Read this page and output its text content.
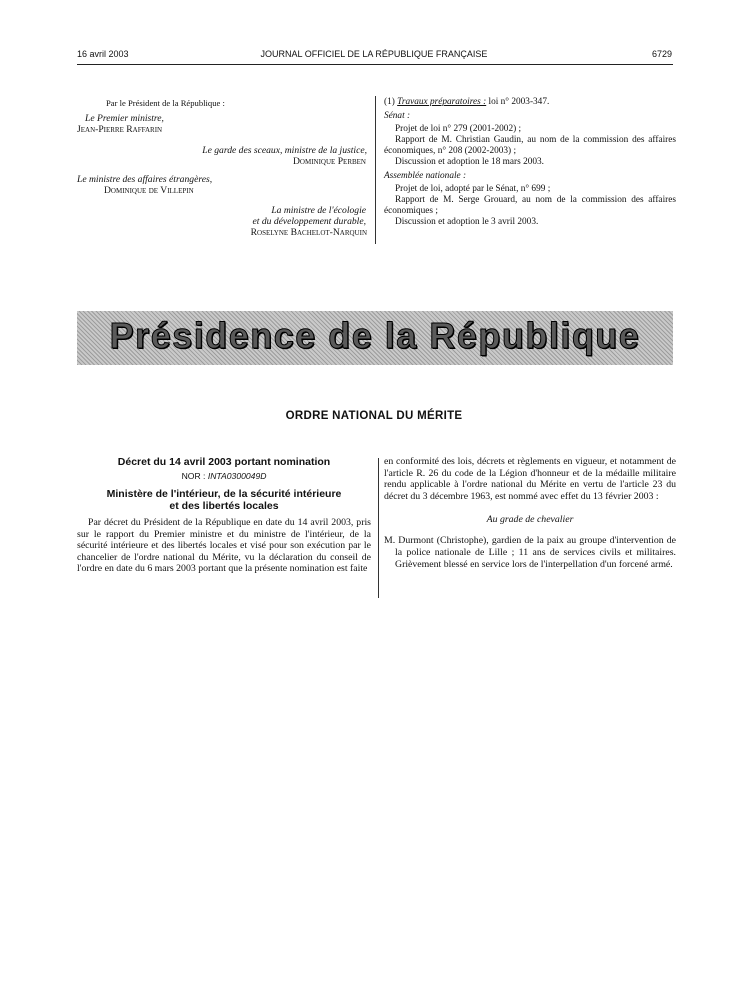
16 avril 2003	JOURNAL OFFICIEL DE LA RÉPUBLIQUE FRANÇAISE	6729
Par le Président de la République :
Le Premier ministre,
Jean-Pierre Raffarin
Le garde des sceaux, ministre de la justice,
Dominique Perben
Le ministre des affaires étrangères,
Dominique de Villepin
La ministre de l'écologie
et du développement durable,
Roselyne Bachelot-Narquin
(1) Travaux préparatoires : loi n° 2003-347.
Sénat :
Projet de loi n° 279 (2001-2002) ;
Rapport de M. Christian Gaudin, au nom de la commission des affaires économiques, n° 208 (2002-2003) ;
Discussion et adoption le 18 mars 2003.
Assemblée nationale :
Projet de loi, adopté par le Sénat, n° 699 ;
Rapport de M. Serge Grouard, au nom de la commission des affaires économiques ;
Discussion et adoption le 3 avril 2003.
Présidence de la République
ORDRE NATIONAL DU MÉRITE
Décret du 14 avril 2003 portant nomination
NOR : INTA0300049D
Ministère de l'intérieur, de la sécurité intérieure
et des libertés locales
Par décret du Président de la République en date du 14 avril 2003, pris sur le rapport du Premier ministre et du ministre de l'intérieur, de la sécurité intérieure et des libertés locales et visé pour son exécution par le chancelier de l'ordre national du Mérite, vu la déclaration du conseil de l'ordre en date du 6 mars 2003 portant que la présente nomination est faite
en conformité des lois, décrets et règlements en vigueur, et notamment de l'article R. 26 du code de la Légion d'honneur et de la médaille militaire rendu applicable à l'ordre national du Mérite en vertu de l'article 23 du décret du 3 décembre 1963, est nommé avec effet du 13 février 2003 :
Au grade de chevalier
M. Durmont (Christophe), gardien de la paix au groupe d'intervention de la police nationale de Lille ; 11 ans de services civils et militaires. Grièvement blessé en service lors de l'interpellation d'un forcené armé.
